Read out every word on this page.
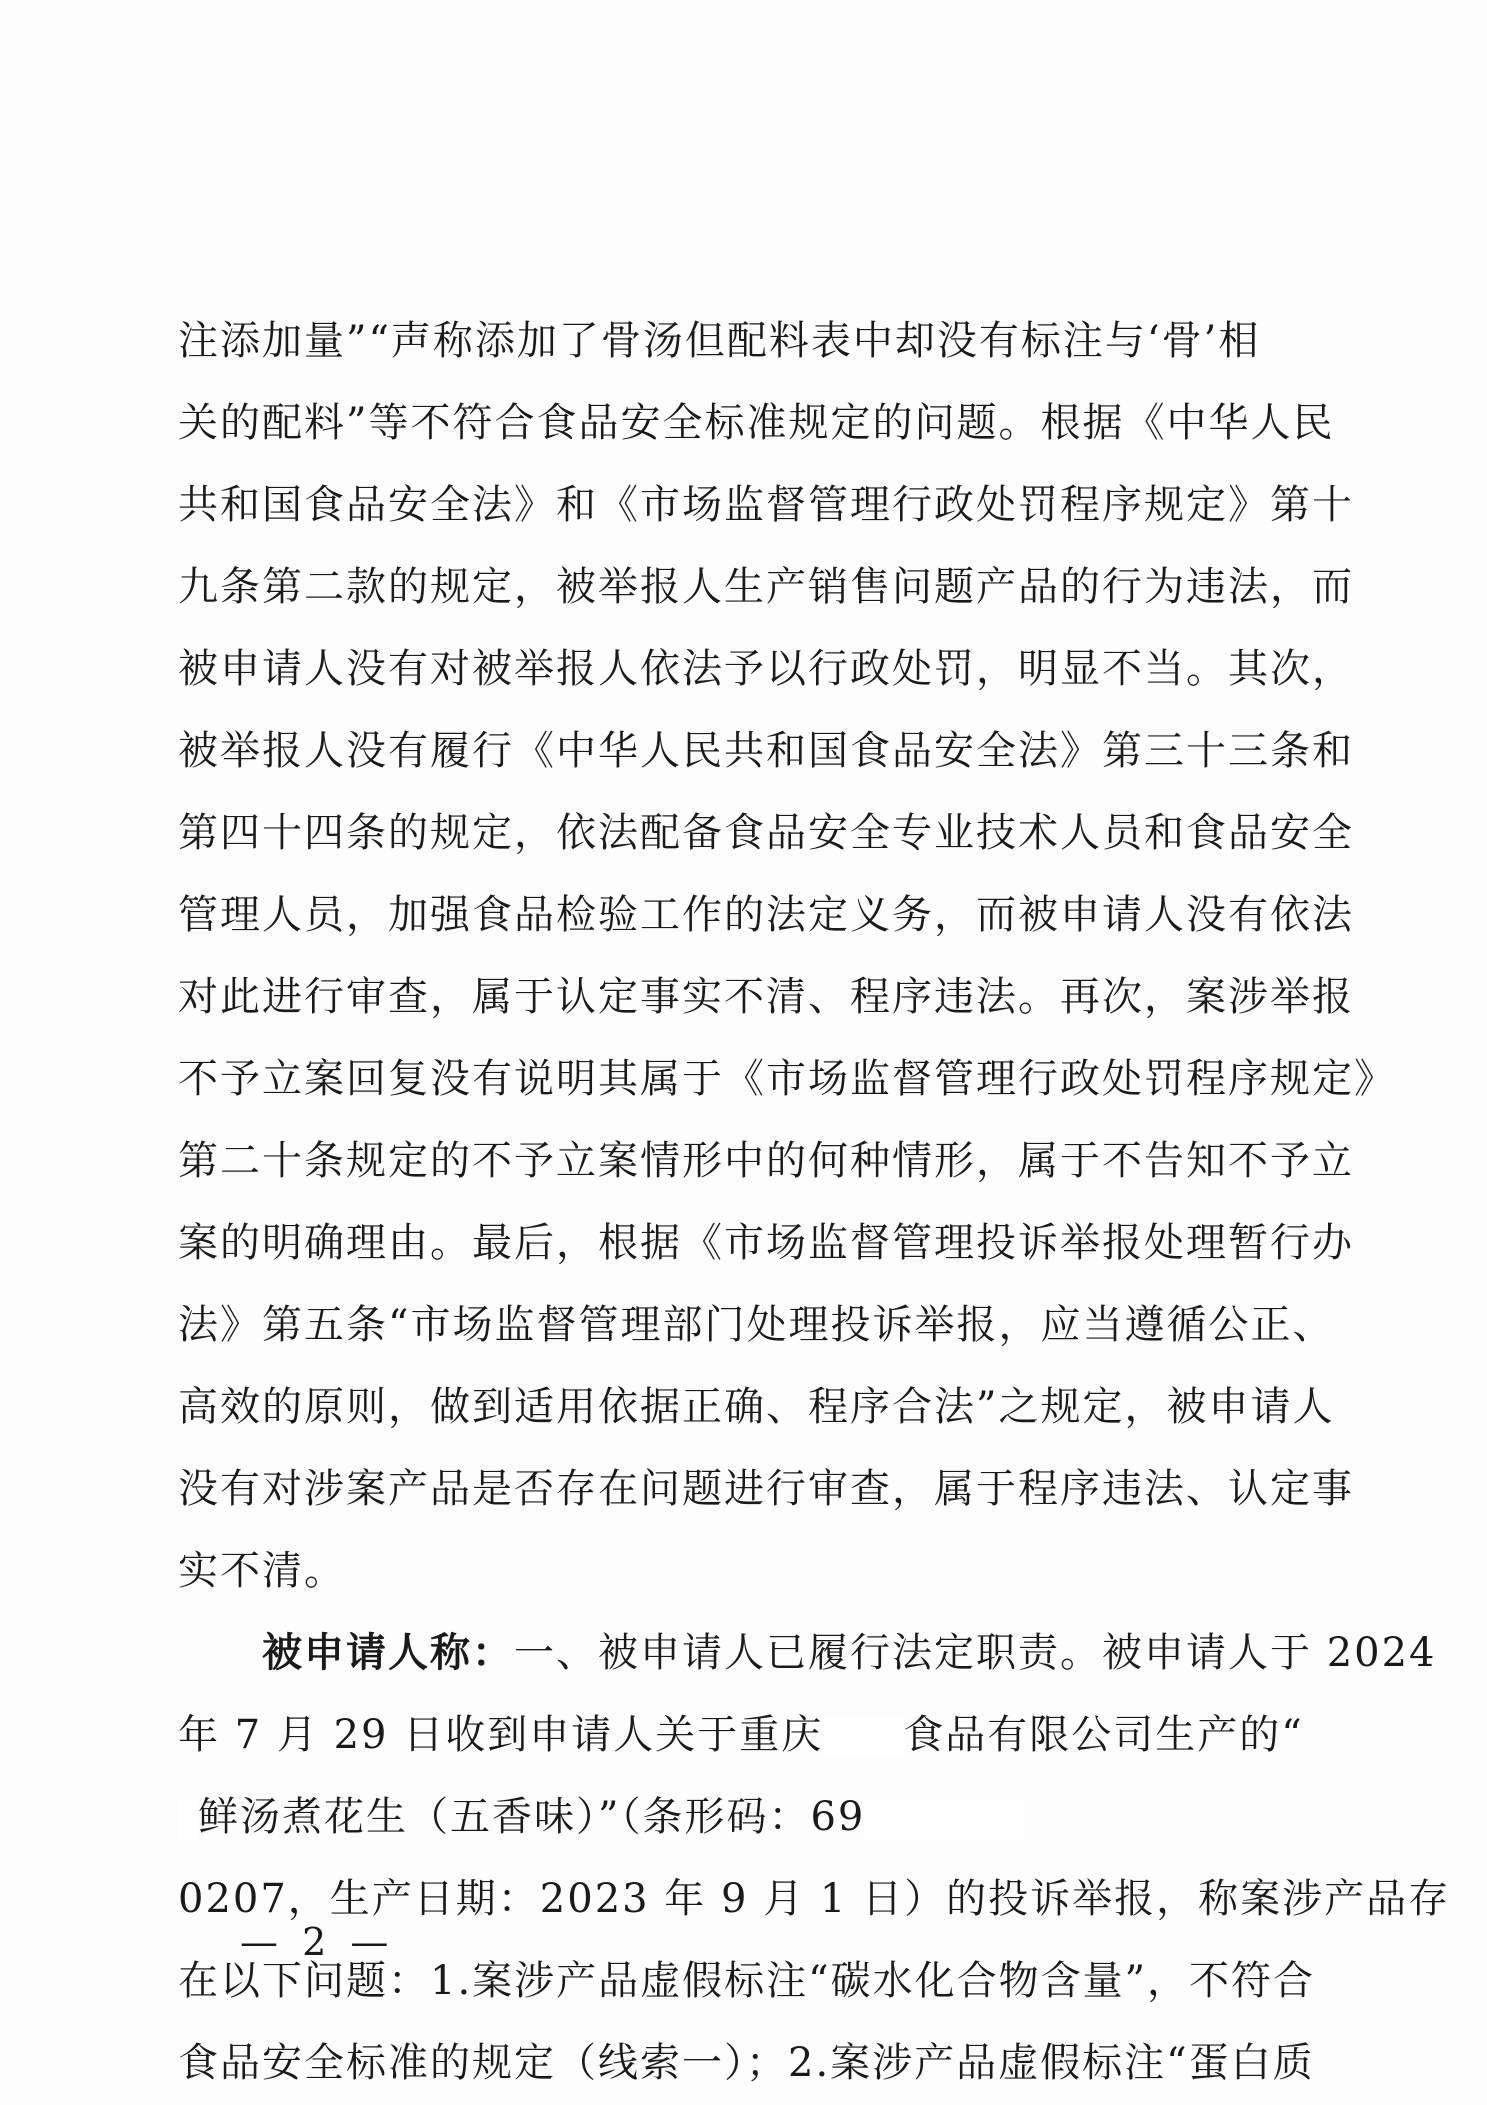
注添加量”“声称添加了骨汤但配料表中却没有标注与‘骨’相
关的配料”等不符合食品安全标准规定的问题。根据《中华人民
共和国食品安全法》和《市场监督管理行政处罚程序规定》第十
九条第二款的规定，被举报人生产销售问题产品的行为违法，而
被申请人没有对被举报人依法予以行政处罚，明显不当。其次，
被举报人没有履行《中华人民共和国食品安全法》第三十三条和
第四十四条的规定，依法配备食品安全专业技术人员和食品安全
管理人员，加强食品检验工作的法定义务，而被申请人没有依法
对此进行审查，属于认定事实不清、程序违法。再次，案涉举报
不予立案回复没有说明其属于《市场监督管理行政处罚程序规定》
第二十条规定的不予立案情形中的何种情形，属于不告知不予立
案的明确理由。最后，根据《市场监督管理投诉举报处理暂行办
法》第五条“市场监督管理部门处理投诉举报，应当遵循公正、
高效的原则，做到适用依据正确、程序合法”之规定，被申请人
没有对涉案产品是否存在问题进行审查，属于程序违法、认定事
实不清。
被申请人称：一、被申请人已履行法定职责。被申请人于 2024
年 7 月 29 日收到申请人关于重庆 食品有限公司生产的“
鲜汤煮花生（五香味）”（条形码：69
0207，生产日期：2023 年 9 月 1 日）的投诉举报，称案涉产品存
在以下问题：1.案涉产品虚假标注“碳水化合物含量”，不符合
食品安全标准的规定（线索一）；2.案涉产品虚假标注“蛋白质
— 2 —
